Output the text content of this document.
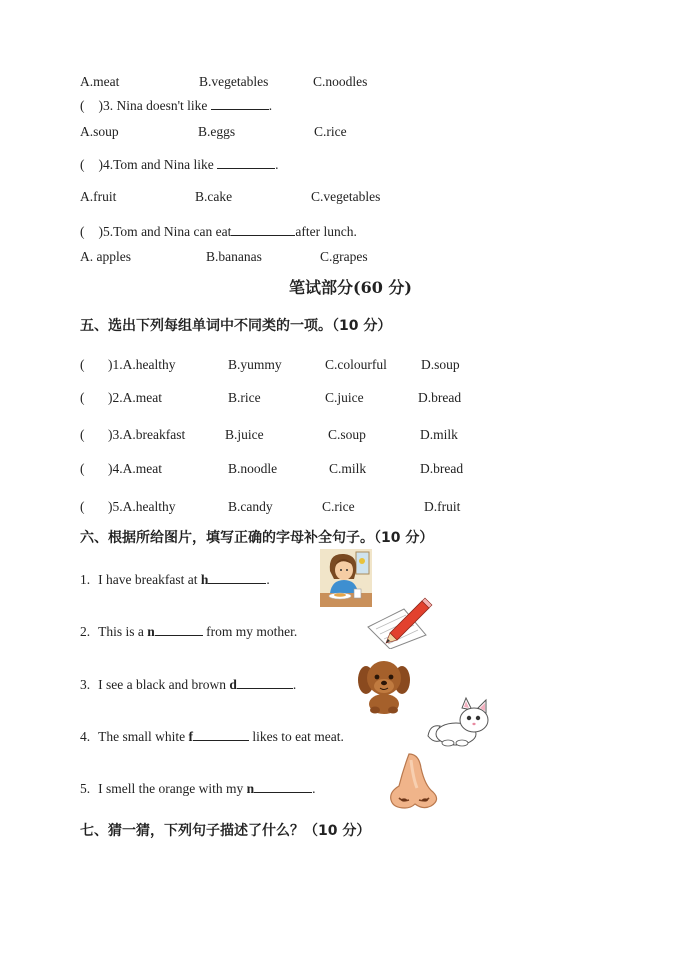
A.meat	B.vegetables	C.noodles
( )3. Nina doesn't like	.
A.soup	B.eggs	C.rice
( )4.Tom and Nina like	.
A.fruit	B.cake	C.vegetables
( )5.Tom and Nina can eat	after lunch.
A. apples	B.bananas	C.grapes
笔试部分(60 分)
五、选出下列每组单词中不同类的一项。（10 分）
( )1.A.healthy	B.yummy	C.colourful	D.soup
( )2.A.meat	B.rice	C.juice	D.bread
( )3.A.breakfast	B.juice	C.soup	D.milk
( )4.A.meat	B.noodle	C.milk	D.bread
( )5.A.healthy	B.candy	C.rice	D.fruit
六、根据所给图片，填写正确的字母补全句子。（10 分）
1. I have breakfast at h	.
2. This is a n	from my mother.
3. I see a black and brown d	.
4. The small white f	likes to eat meat.
5. I smell the orange with my n	.
七、猜一猜，下列句子描述了什么？（10 分）
